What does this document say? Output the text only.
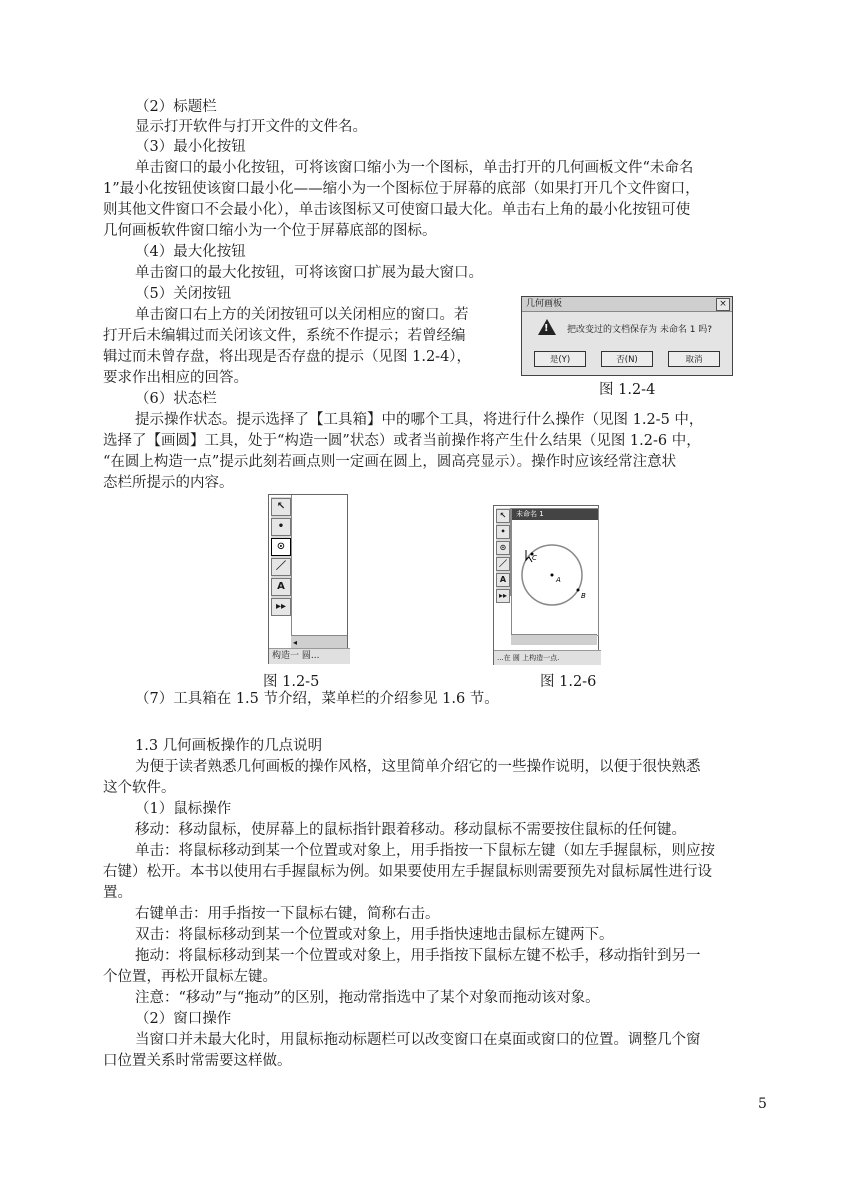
（2）标题栏
显示打开软件与打开文件的文件名。
（3）最小化按钮
单击窗口的最小化按钮，可将该窗口缩小为一个图标，单击打开的几何画板文件“未命名
1”最小化按钮使该窗口最小化——缩小为一个图标位于屏幕的底部（如果打开几个文件窗口，
则其他文件窗口不会最小化），单击该图标又可使窗口最大化。单击右上角的最小化按钮可使
几何画板软件窗口缩小为一个位于屏幕底部的图标。
（4）最大化按钮
单击窗口的最大化按钮，可将该窗口扩展为最大窗口。
（5）关闭按钮
单击窗口右上方的关闭按钮可以关闭相应的窗口。若
打开后未编辑过而关闭该文件，系统不作提示；若曾经编
辑过而未曾存盘，将出现是否存盘的提示（见图 1.2-4），
要求作出相应的回答。
（6）状态栏
提示操作状态。提示选择了【工具箱】中的哪个工具，将进行什么操作（见图 1.2-5 中，
选择了【画圆】工具，处于“构造一圆”状态）或者当前操作将产生什么结果（见图 1.2-6 中，
“在圆上构造一点”提示此刻若画点则一定画在圆上，圆高亮显示）。操作时应该经常注意状
态栏所提示的内容。
几何画板	×
! 把改变过的文档保存为 未命名 1 吗?
是(Y)	否(N)	取消
图 1.2-4
↖
•
⊙
／
A
▸▸
◂
构造一 圆...
图 1.2-5
↖
•
⊙
／
A
▸▸
未命名 1
C
A
B
...在 圆 上构造一点.
图 1.2-6
（7）工具箱在 1.5 节介绍，菜单栏的介绍参见 1.6 节。
1.3 几何画板操作的几点说明
为便于读者熟悉几何画板的操作风格，这里简单介绍它的一些操作说明，以便于很快熟悉
这个软件。
（1）鼠标操作
移动：移动鼠标，使屏幕上的鼠标指针跟着移动。移动鼠标不需要按住鼠标的任何键。
单击：将鼠标移动到某一个位置或对象上，用手指按一下鼠标左键（如左手握鼠标，则应按
右键）松开。本书以使用右手握鼠标为例。如果要使用左手握鼠标则需要预先对鼠标属性进行设
置。
右键单击：用手指按一下鼠标右键，简称右击。
双击：将鼠标移动到某一个位置或对象上，用手指快速地击鼠标左键两下。
拖动：将鼠标移动到某一个位置或对象上，用手指按下鼠标左键不松手，移动指针到另一
个位置，再松开鼠标左键。
注意：“移动”与“拖动”的区别，拖动常指选中了某个对象而拖动该对象。
（2）窗口操作
当窗口并未最大化时，用鼠标拖动标题栏可以改变窗口在桌面或窗口的位置。调整几个窗
口位置关系时常需要这样做。
5
